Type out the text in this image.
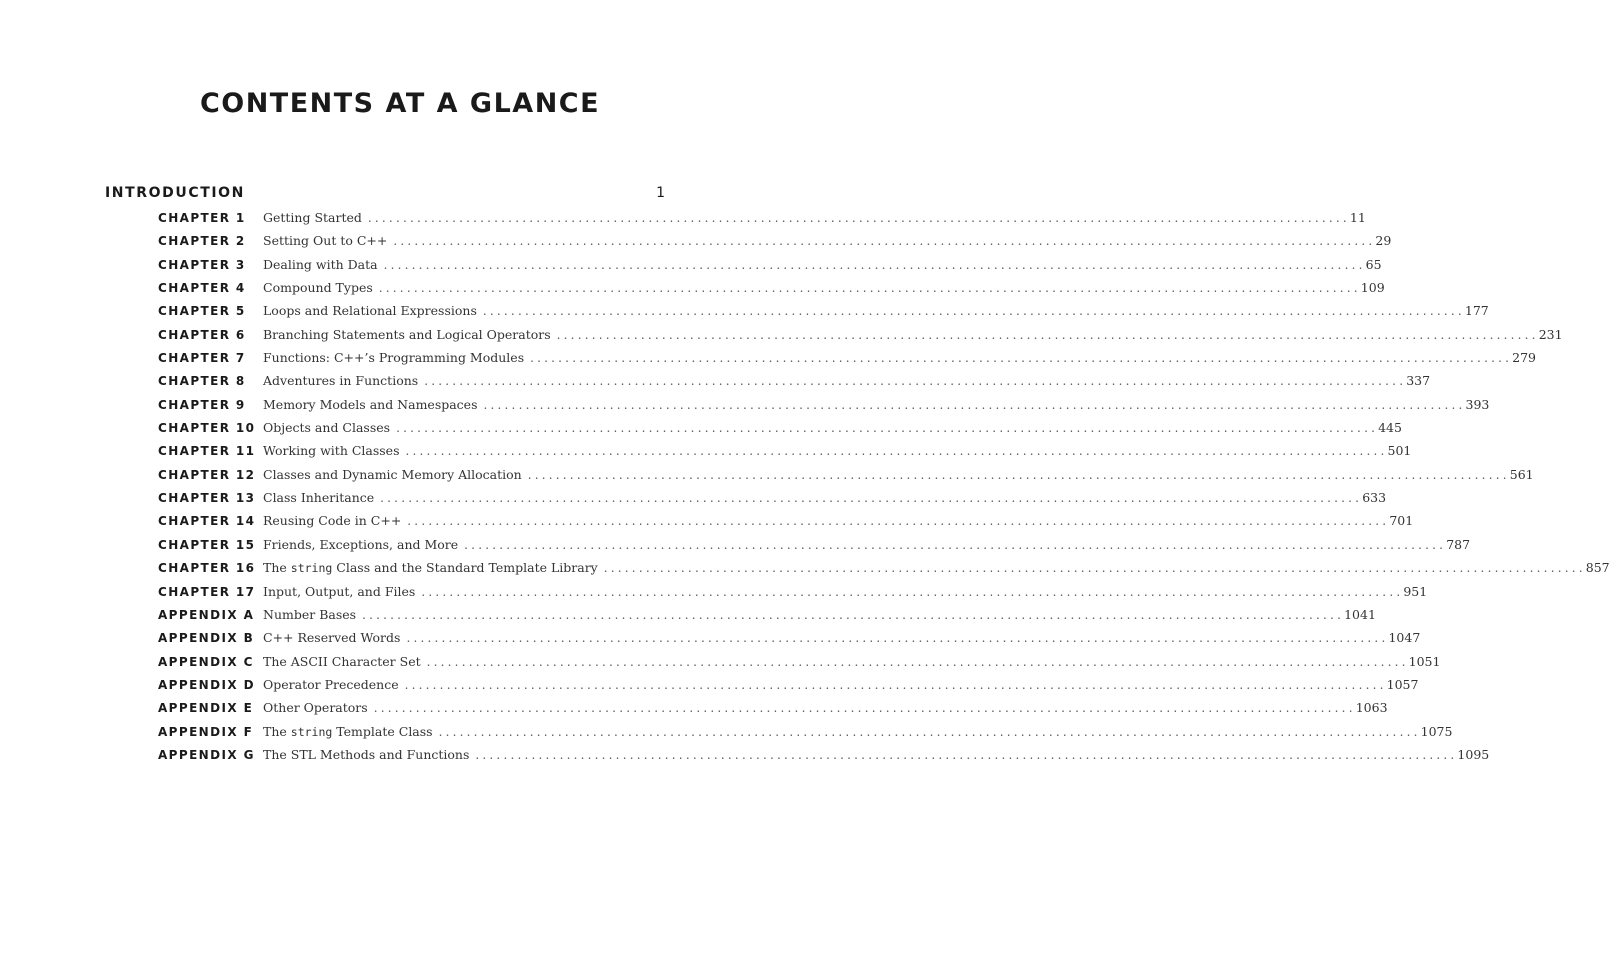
CONTENTS AT A GLANCE
INTRODUCTION	1
CHAPTER 1	Getting Started ............................................................................................................................................ 11
CHAPTER 2	Setting Out to C++ ............................................................................................................................................ 29
CHAPTER 3	Dealing with Data ............................................................................................................................................ 65
CHAPTER 4	Compound Types ............................................................................................................................................ 109
CHAPTER 5	Loops and Relational Expressions ............................................................................................................................................ 177
CHAPTER 6	Branching Statements and Logical Operators ............................................................................................................................................ 231
CHAPTER 7	Functions: C++’s Programming Modules ............................................................................................................................................ 279
CHAPTER 8	Adventures in Functions ............................................................................................................................................ 337
CHAPTER 9	Memory Models and Namespaces ............................................................................................................................................ 393
CHAPTER 10 Objects and Classes ............................................................................................................................................ 445
CHAPTER 11 Working with Classes ............................................................................................................................................ 501
CHAPTER 12 Classes and Dynamic Memory Allocation ............................................................................................................................................ 561
CHAPTER 13 Class Inheritance ............................................................................................................................................ 633
CHAPTER 14 Reusing Code in C++ ............................................................................................................................................ 701
CHAPTER 15 Friends, Exceptions, and More ............................................................................................................................................ 787
CHAPTER 16 The string Class and the Standard Template Library ............................................................................................................................................ 857
CHAPTER 17 Input, Output, and Files ............................................................................................................................................ 951
APPENDIX A Number Bases ............................................................................................................................................ 1041
APPENDIX B C++ Reserved Words ............................................................................................................................................ 1047
APPENDIX C The ASCII Character Set ............................................................................................................................................ 1051
APPENDIX D Operator Precedence ............................................................................................................................................ 1057
APPENDIX E Other Operators ............................................................................................................................................ 1063
APPENDIX F The string Template Class ............................................................................................................................................ 1075
APPENDIX G The STL Methods and Functions ............................................................................................................................................ 1095
